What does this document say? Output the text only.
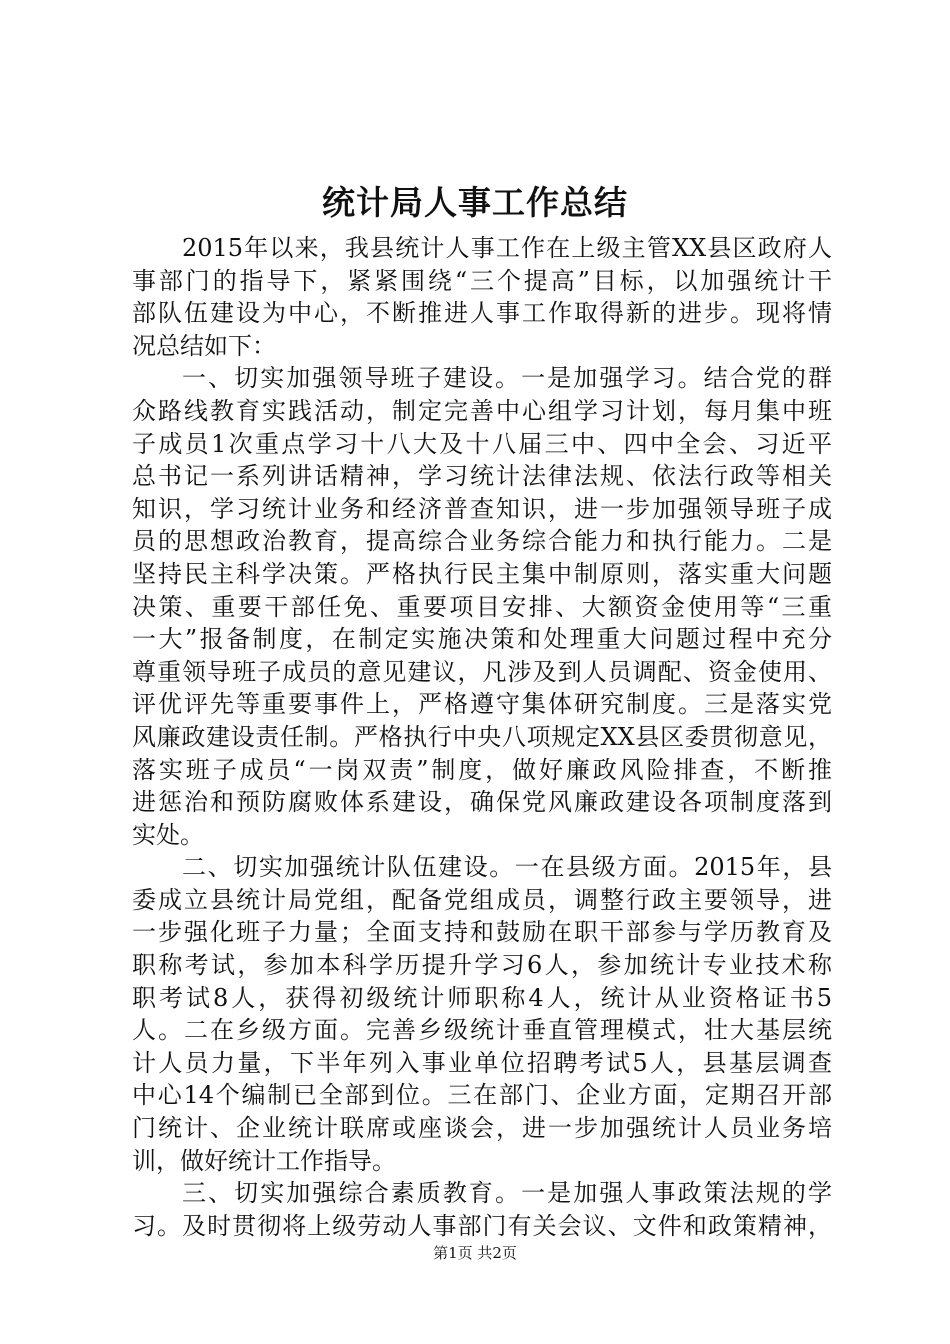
统计局人事工作总结
2015年以来，我县统计人事工作在上级主管XX县区政府人
事部门的指导下，紧紧围绕“三个提高”目标，以加强统计干
部队伍建设为中心，不断推进人事工作取得新的进步。现将情
况总结如下：
一、切实加强领导班子建设。一是加强学习。结合党的群
众路线教育实践活动，制定完善中心组学习计划，每月集中班
子成员1次重点学习十八大及十八届三中、四中全会、习近平
总书记一系列讲话精神，学习统计法律法规、依法行政等相关
知识，学习统计业务和经济普查知识，进一步加强领导班子成
员的思想政治教育，提高综合业务综合能力和执行能力。二是
坚持民主科学决策。严格执行民主集中制原则，落实重大问题
决策、重要干部任免、重要项目安排、大额资金使用等“三重
一大”报备制度，在制定实施决策和处理重大问题过程中充分
尊重领导班子成员的意见建议，凡涉及到人员调配、资金使用、
评优评先等重要事件上，严格遵守集体研究制度。三是落实党
风廉政建设责任制。严格执行中央八项规定XX县区委贯彻意见，
落实班子成员“一岗双责”制度，做好廉政风险排查，不断推
进惩治和预防腐败体系建设，确保党风廉政建设各项制度落到
实处。
二、切实加强统计队伍建设。一在县级方面。2015年，县
委成立县统计局党组，配备党组成员，调整行政主要领导，进
一步强化班子力量；全面支持和鼓励在职干部参与学历教育及
职称考试，参加本科学历提升学习6人，参加统计专业技术称
职考试8人，获得初级统计师职称4人，统计从业资格证书5
人。二在乡级方面。完善乡级统计垂直管理模式，壮大基层统
计人员力量，下半年列入事业单位招聘考试5人，县基层调查
中心14个编制已全部到位。三在部门、企业方面，定期召开部
门统计、企业统计联席或座谈会，进一步加强统计人员业务培
训，做好统计工作指导。
三、切实加强综合素质教育。一是加强人事政策法规的学
习。及时贯彻将上级劳动人事部门有关会议、文件和政策精神，
第1页 共2页
